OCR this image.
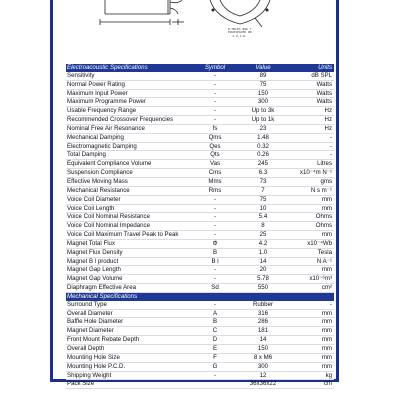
8 HOLES 8mm ?
EQUISPACED ON
A P.C.D.
Electroacoustic Specifications	Symbol	Value	Units
Sensitivity	-	89	dB SPL
Normal Power Rating	-	75	Watts
Maximum Input Power	-	150	Watts
Maximum Programme Power	-	300	Watts
Usable Frequency Range	-	Up to 3k	Hz
Recommended Crossover Frequencies	-	Up to 1k	Hz
Nominal Free Air Resonance	fs	23	Hz
Mechanical Damping	Qms	1.48	-
Electromagnetic Damping	Qes	0.32	-
Total Damping	Qts	0.26	-
Equivalent Compliance Volume	Vas	245	Litres
Suspension Compliance	Cms	6.3	x10⁻⁴m N⁻¹
Effective Moving Mass	Mms	73	gms
Mechanical Resistance	Rms	7	N s m⁻¹
Voice Coil Diameter	-	75	mm
Voice Coil Length	-	10	mm
Voice Coil Nominal Resistance	-	5.4	Ohms
Voice Coil Nominal Impedance	-	8	Ohms
Voice Coil Maximum Travel Peak to Peak	-	25	mm
Magnet Total Flux	Φ	4.2	x10⁻⁴Wb
Magnet Flux Density	B	1.0	Tesla
Magnet B l product	B l	14	N A⁻¹
Magnet Gap Length	-	20	mm
Magnet Gap Volume	-	5.78	x10⁻⁶m³
Diaphragm Effective Area	Sd	550	cm²
Mechanical Specifications			
Surround Type	-	Rubber	-
Overall Diameter	A	316	mm
Baffle Hole Diameter	B	286	mm
Magnet Diameter	C	181	mm
Front Mount Rebate Depth	D	14	mm
Overall Depth	E	150	mm
Mounting Hole Size	F	8 x M6	mm
Mounting Hole P.C.D.	G	300	mm
Shipping Weight	-	12	kg
Pack Size		36x36x22	cm
